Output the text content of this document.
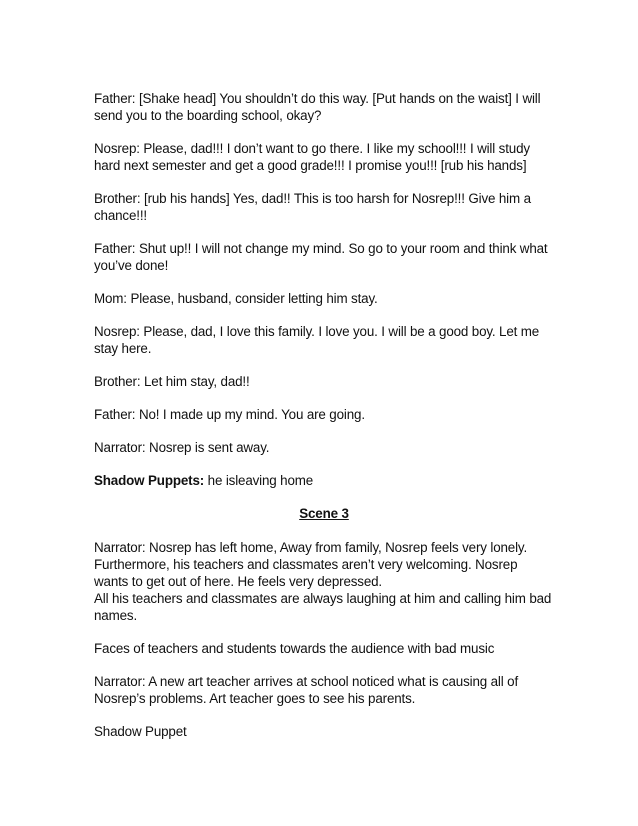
Father: [Shake head] You shouldn’t do this way. [Put hands on the waist] I will send you to the boarding school, okay?

Nosrep: Please, dad!!! I don’t want to go there. I like my school!!! I will study hard next semester and get a good grade!!! I promise you!!! [rub his hands]

Brother: [rub his hands] Yes, dad!! This is too harsh for Nosrep!!! Give him a chance!!!

Father: Shut up!! I will not change my mind. So go to your room and think what you’ve done!

Mom: Please, husband, consider letting him stay.

Nosrep: Please, dad, I love this family. I love you. I will be a good boy. Let me stay here.

Brother: Let him stay, dad!!

Father: No! I made up my mind. You are going.

Narrator: Nosrep is sent away.

Shadow Puppets: he isleaving home

Scene 3

Narrator: Nosrep has left home, Away from family, Nosrep feels very lonely. Furthermore, his teachers and classmates aren’t very welcoming. Nosrep wants to get out of here. He feels very depressed.

All his teachers and classmates are always laughing at him and calling him bad names.

Faces of teachers and students towards the audience with bad music

Narrator: A new art teacher arrives at school noticed what is causing all of Nosrep’s problems. Art teacher goes to see his parents.

Shadow Puppet
